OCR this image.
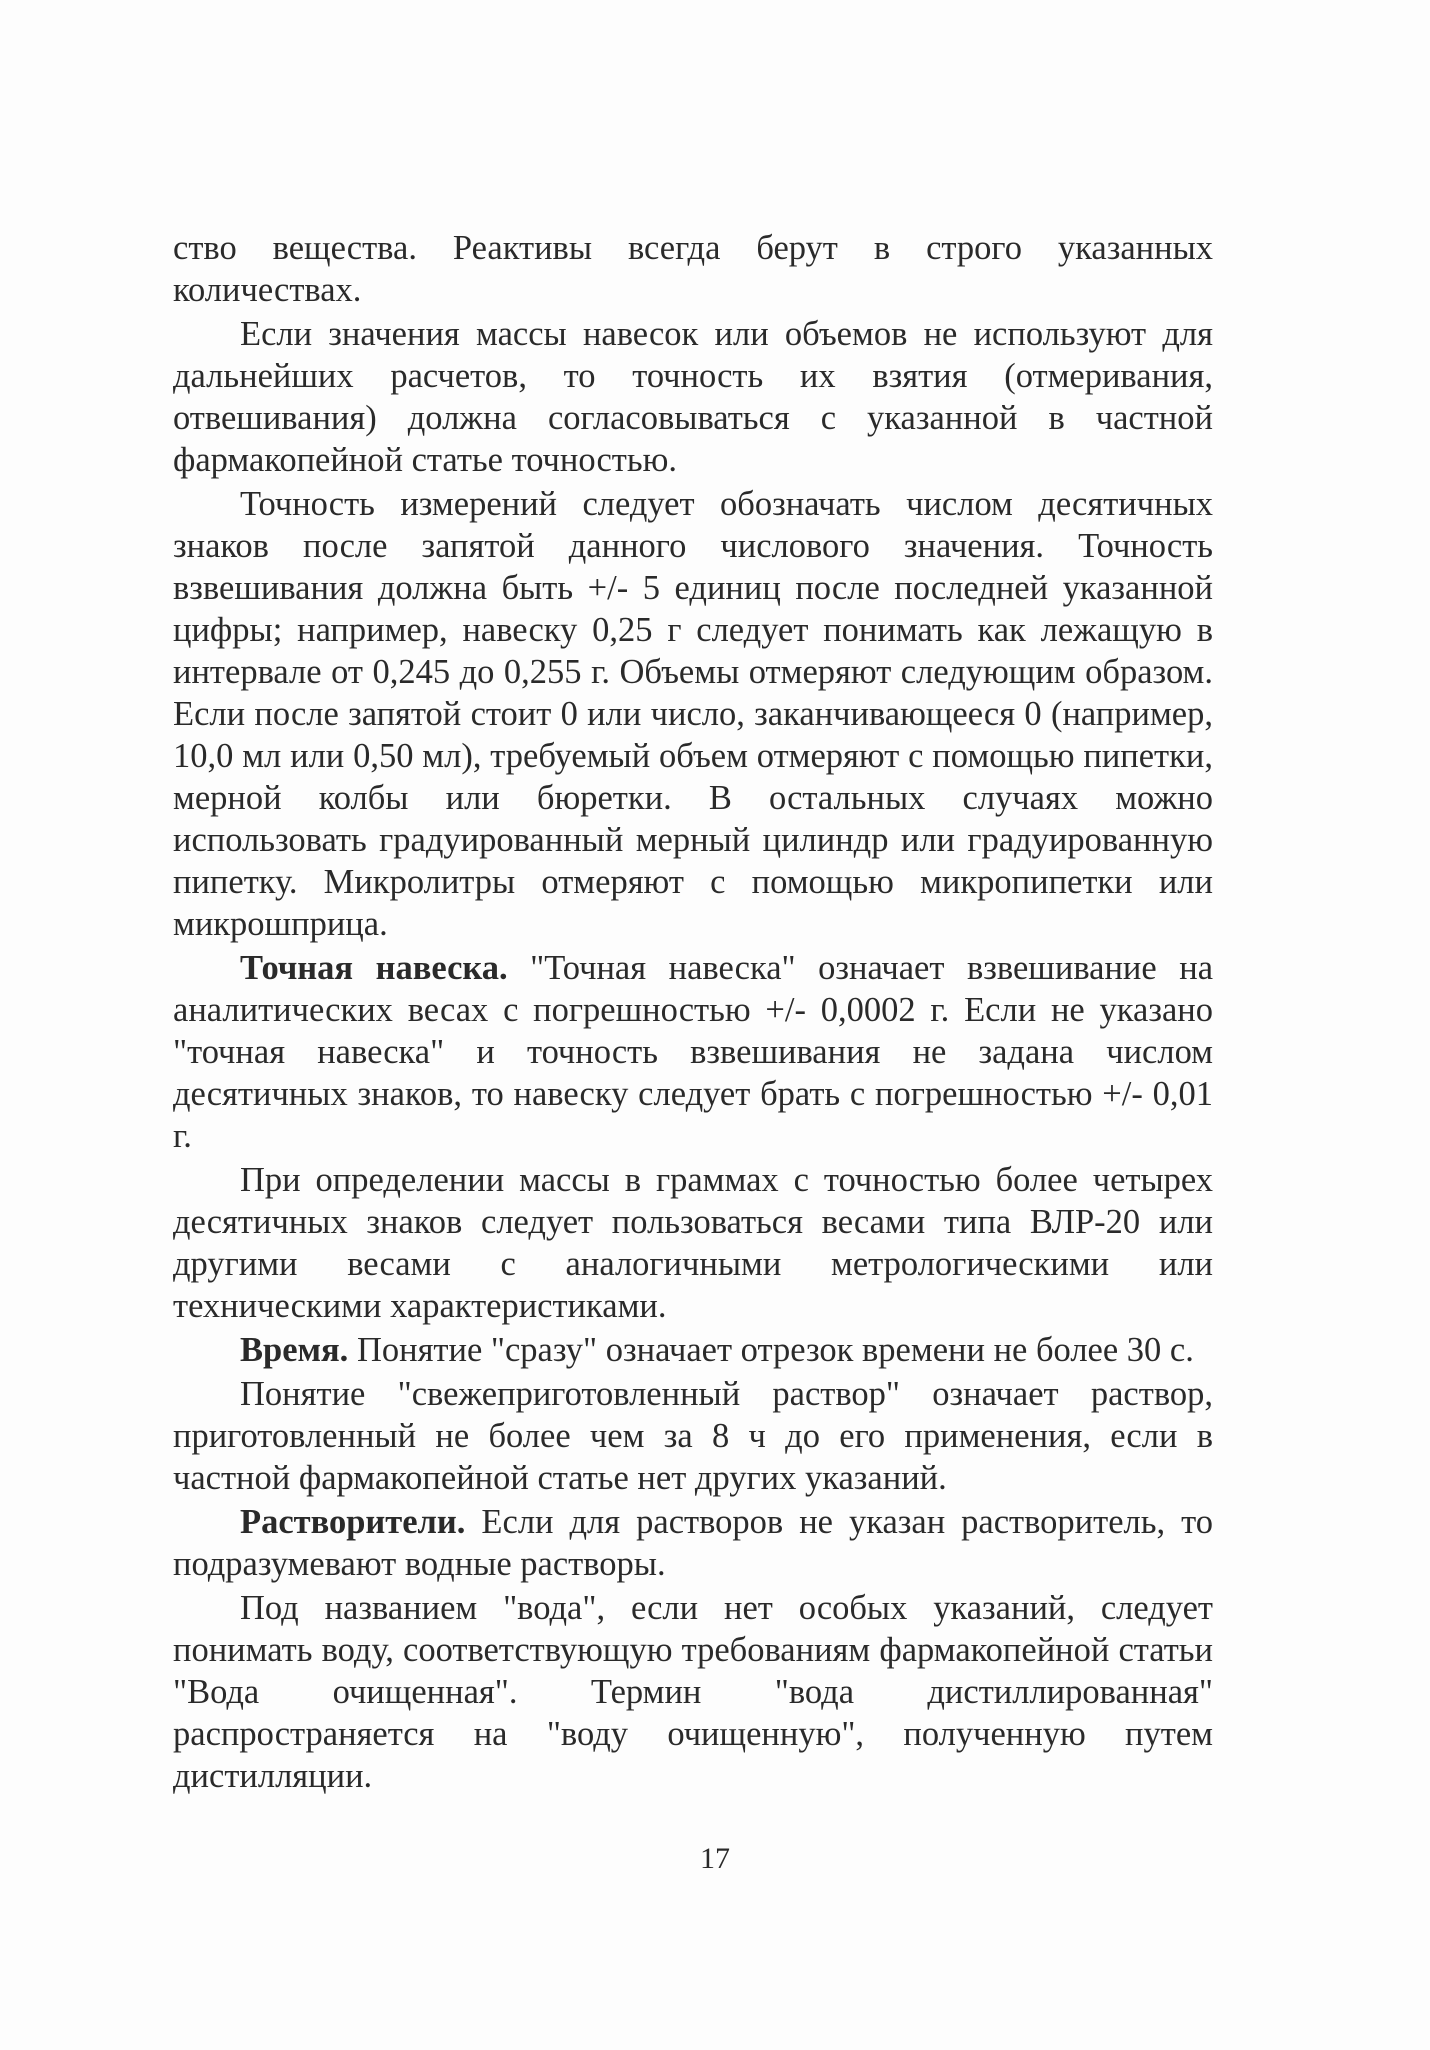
ство вещества. Реактивы всегда берут в строго указанных количествах.

Если значения массы навесок или объемов не используют для дальнейших расчетов, то точность их взятия (отмеривания, отвешивания) должна согласовываться с указанной в частной фармакопейной статье точностью.

Точность измерений следует обозначать числом десятичных знаков после запятой данного числового значения. Точность взвешивания должна быть +/- 5 единиц после последней указанной цифры; например, навеску 0,25 г следует понимать как лежащую в интервале от 0,245 до 0,255 г. Объемы отмеряют следующим образом. Если после запятой стоит 0 или число, заканчивающееся 0 (например, 10,0 мл или 0,50 мл), требуемый объем отмеряют с помощью пипетки, мерной колбы или бюретки. В остальных случаях можно использовать градуированный мерный цилиндр или градуированную пипетку. Микролитры отмеряют с помощью микропипетки или микрошприца.

Точная навеска. "Точная навеска" означает взвешивание на аналитических весах с погрешностью +/- 0,0002 г. Если не указано "точная навеска" и точность взвешивания не задана числом десятичных знаков, то навеску следует брать с погрешностью +/- 0,01 г.

При определении массы в граммах с точностью более четырех десятичных знаков следует пользоваться весами типа ВЛР-20 или другими весами с аналогичными метрологическими или техническими характеристиками.

Время. Понятие "сразу" означает отрезок времени не более 30 с.

Понятие "свежеприготовленный раствор" означает раствор, приготовленный не более чем за 8 ч до его применения, если в частной фармакопейной статье нет других указаний.

Растворители. Если для растворов не указан растворитель, то подразумевают водные растворы.

Под названием "вода", если нет особых указаний, следует понимать воду, соответствующую требованиям фармакопейной статьи "Вода очищенная". Термин "вода дистиллированная" распространяется на "воду очищенную", полученную путем дистилляции.

17
